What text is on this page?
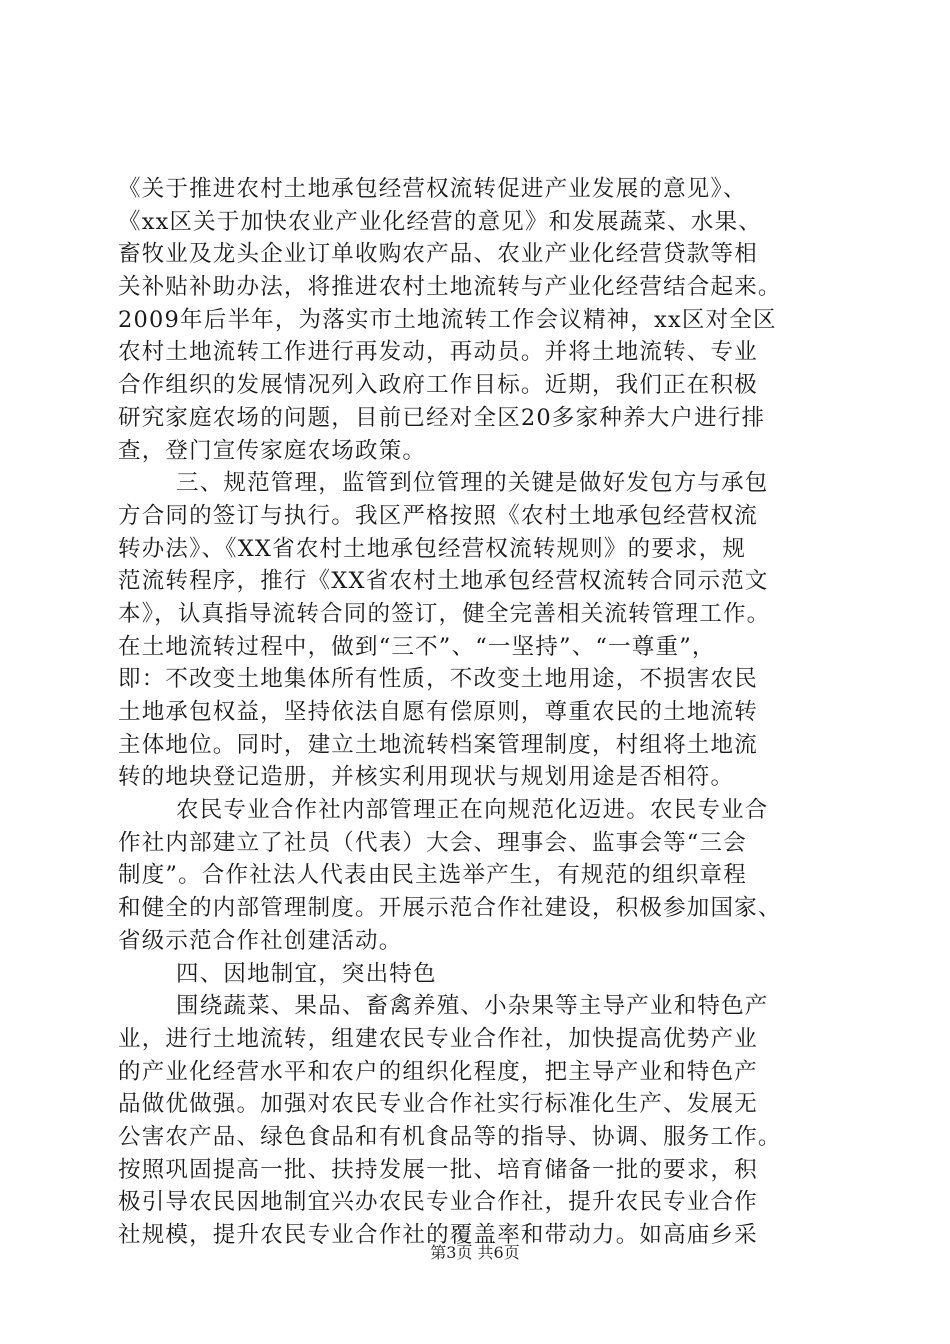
《关于推进农村土地承包经营权流转促进产业发展的意见》、
《xx区关于加快农业产业化经营的意见》和发展蔬菜、水果、
畜牧业及龙头企业订单收购农产品、农业产业化经营贷款等相
关补贴补助办法，将推进农村土地流转与产业化经营结合起来。
2009年后半年，为落实市土地流转工作会议精神，xx区对全区
农村土地流转工作进行再发动，再动员。并将土地流转、专业
合作组织的发展情况列入政府工作目标。近期，我们正在积极
研究家庭农场的问题，目前已经对全区20多家种养大户进行排
查，登门宣传家庭农场政策。
三、规范管理，监管到位管理的关键是做好发包方与承包
方合同的签订与执行。我区严格按照《农村土地承包经营权流
转办法》、《XX省农村土地承包经营权流转规则》的要求，规
范流转程序，推行《XX省农村土地承包经营权流转合同示范文
本》，认真指导流转合同的签订，健全完善相关流转管理工作。
在土地流转过程中，做到“三不”、“一坚持”、“一尊重”，
即：不改变土地集体所有性质，不改变土地用途，不损害农民
土地承包权益，坚持依法自愿有偿原则，尊重农民的土地流转
主体地位。同时，建立土地流转档案管理制度，村组将土地流
转的地块登记造册，并核实利用现状与规划用途是否相符。
农民专业合作社内部管理正在向规范化迈进。农民专业合
作社内部建立了社员（代表）大会、理事会、监事会等“三会
制度”。合作社法人代表由民主选举产生，有规范的组织章程
和健全的内部管理制度。开展示范合作社建设，积极参加国家、
省级示范合作社创建活动。
四、因地制宜，突出特色
围绕蔬菜、果品、畜禽养殖、小杂果等主导产业和特色产
业，进行土地流转，组建农民专业合作社，加快提高优势产业
的产业化经营水平和农户的组织化程度，把主导产业和特色产
品做优做强。加强对农民专业合作社实行标准化生产、发展无
公害农产品、绿色食品和有机食品等的指导、协调、服务工作。
按照巩固提高一批、扶持发展一批、培育储备一批的要求，积
极引导农民因地制宜兴办农民专业合作社，提升农民专业合作
社规模，提升农民专业合作社的覆盖率和带动力。如高庙乡采
第3页 共6页
